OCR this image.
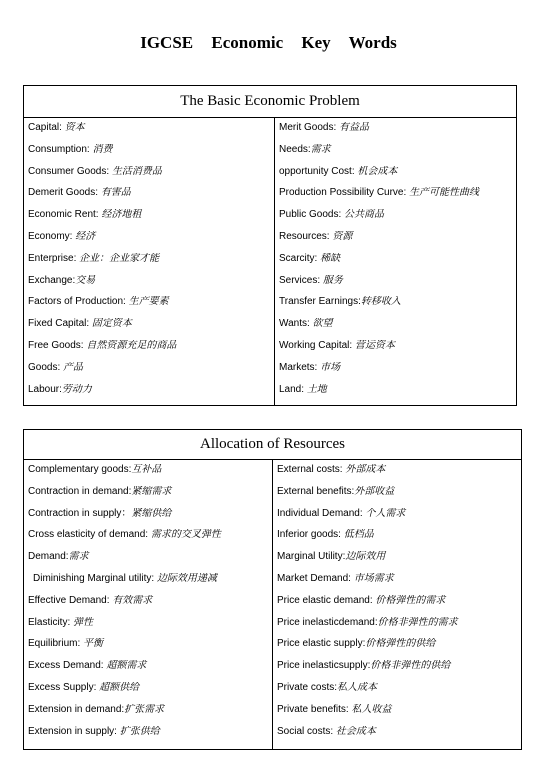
IGCSE Economic Key Words
The Basic Economic Problem

Capital: 资本
Consumption: 消费
Consumer Goods: 生活消费品
Demerit Goods: 有害品
Economic Rent: 经济地租
Economy: 经济
Enterprise: 企业：企业家才能
Exchange:交易
Factors of Production: 生产要素
Fixed Capital: 固定资本
Free Goods: 自然资源充足的商品
Goods: 产品
Labour:劳动力

Merit Goods: 有益品
Needs:需求
opportunity Cost: 机会成本
Production Possibility Curve: 生产可能性曲线
Public Goods: 公共商品
Resources: 资源
Scarcity: 稀缺
Services: 服务
Transfer Earnings:转移收入
Wants: 欲望
Working Capital: 营运资本
Markets: 市场
Land: 土地
Allocation of Resources

Complementary goods:互补品
Contraction in demand:紧缩需求
Contraction in supply：紧缩供给
Cross elasticity of demand: 需求的交叉弹性
Demand:需求
Diminishing Marginal utility: 边际效用递减
Effective Demand: 有效需求
Elasticity: 弹性
Equilibrium: 平衡
Excess Demand: 超额需求
Excess Supply: 超额供给
Extension in demand:扩张需求
Extension in supply: 扩张供给

External costs: 外部成本
External benefits:外部收益
Individual Demand: 个人需求
Inferior goods: 低档品
Marginal Utility:边际效用
Market Demand: 市场需求
Price elastic demand: 价格弹性的需求
Price inelasticdemand:价格非弹性的需求
Price elastic supply:价格弹性的供给
Price inelasticsupply:价格非弹性的供给
Private costs:私人成本
Private benefits: 私人收益
Social costs: 社会成本
